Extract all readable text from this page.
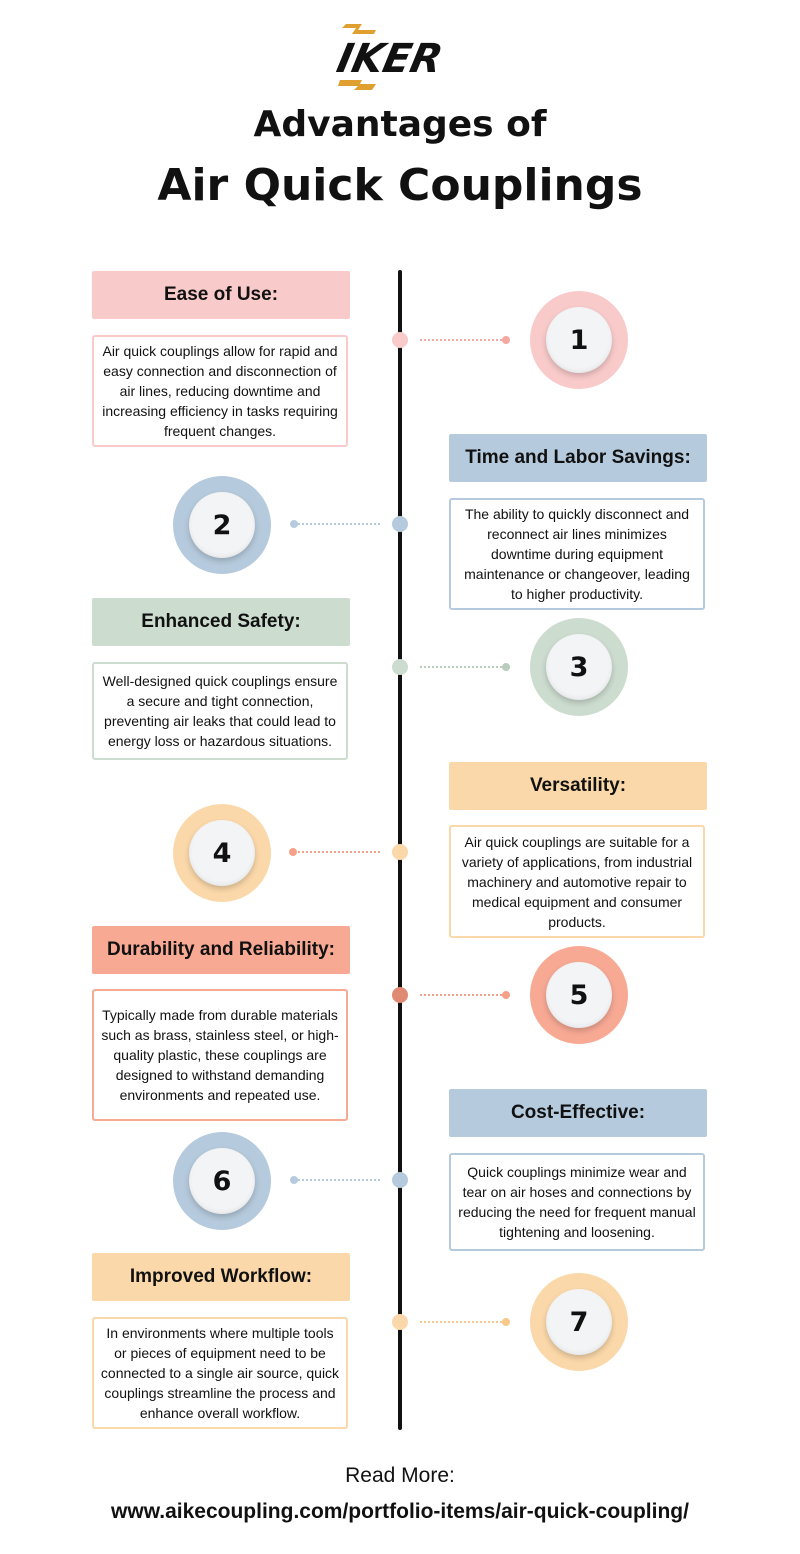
IKER
Advantages of
Air Quick Couplings
Ease of Use:
Air quick couplings allow for rapid and easy connection and disconnection of air lines, reducing downtime and increasing efficiency in tasks requiring frequent changes.
1
Time and Labor Savings:
The ability to quickly disconnect and reconnect air lines minimizes downtime during equipment maintenance or changeover, leading to higher productivity.
2
Enhanced Safety:
Well-designed quick couplings ensure a secure and tight connection, preventing air leaks that could lead to energy loss or hazardous situations.
3
Versatility:
Air quick couplings are suitable for a variety of applications, from industrial machinery and automotive repair to medical equipment and consumer products.
4
Durability and Reliability:
Typically made from durable materials such as brass, stainless steel, or high-quality plastic, these couplings are designed to withstand demanding environments and repeated use.
5
Cost-Effective:
Quick couplings minimize wear and tear on air hoses and connections by reducing the need for frequent manual tightening and loosening.
6
Improved Workflow:
In environments where multiple tools or pieces of equipment need to be connected to a single air source, quick couplings streamline the process and enhance overall workflow.
7
Read More:
www.aikecoupling.com/portfolio-items/air-quick-coupling/
